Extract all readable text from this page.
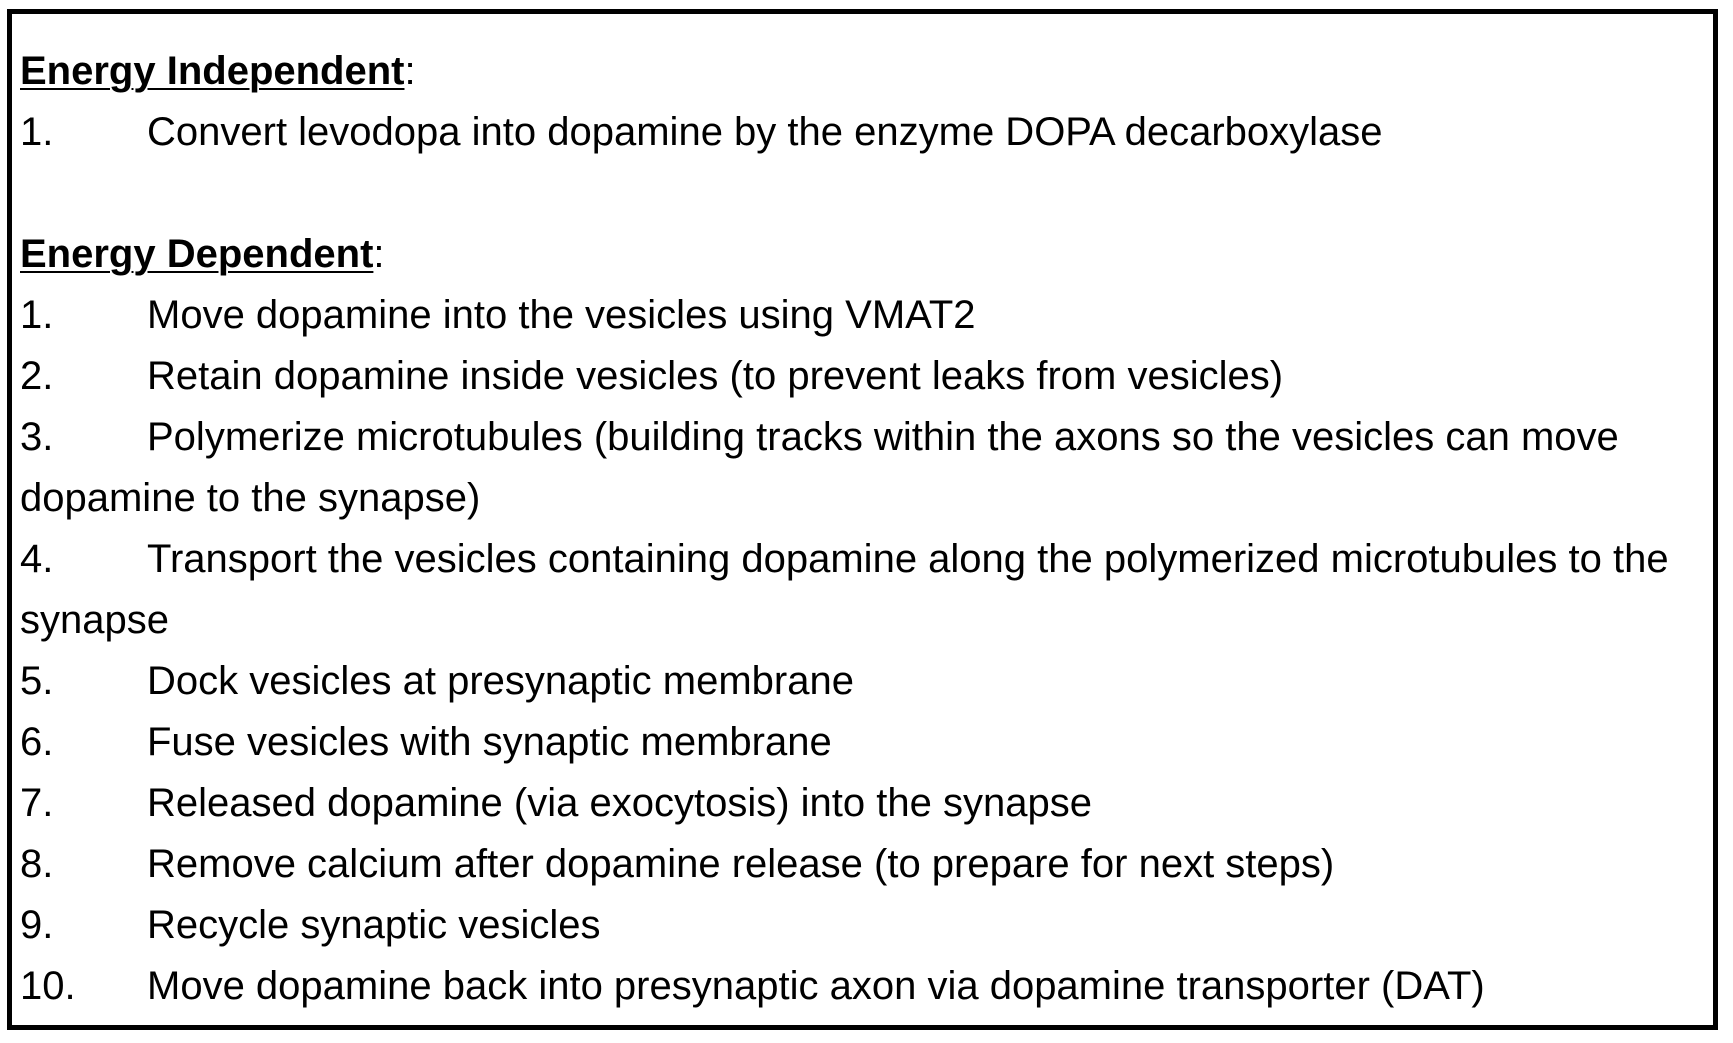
Energy Independent:
1. Convert levodopa into dopamine by the enzyme DOPA decarboxylase
Energy Dependent:
1. Move dopamine into the vesicles using VMAT2
2. Retain dopamine inside vesicles (to prevent leaks from vesicles)
3. Polymerize microtubules (building tracks within the axons so the vesicles can move dopamine to the synapse)
4. Transport the vesicles containing dopamine along the polymerized microtubules to the synapse
5. Dock vesicles at presynaptic membrane
6. Fuse vesicles with synaptic membrane
7. Released dopamine (via exocytosis) into the synapse
8. Remove calcium after dopamine release (to prepare for next steps)
9. Recycle synaptic vesicles
10. Move dopamine back into presynaptic axon via dopamine transporter (DAT)
